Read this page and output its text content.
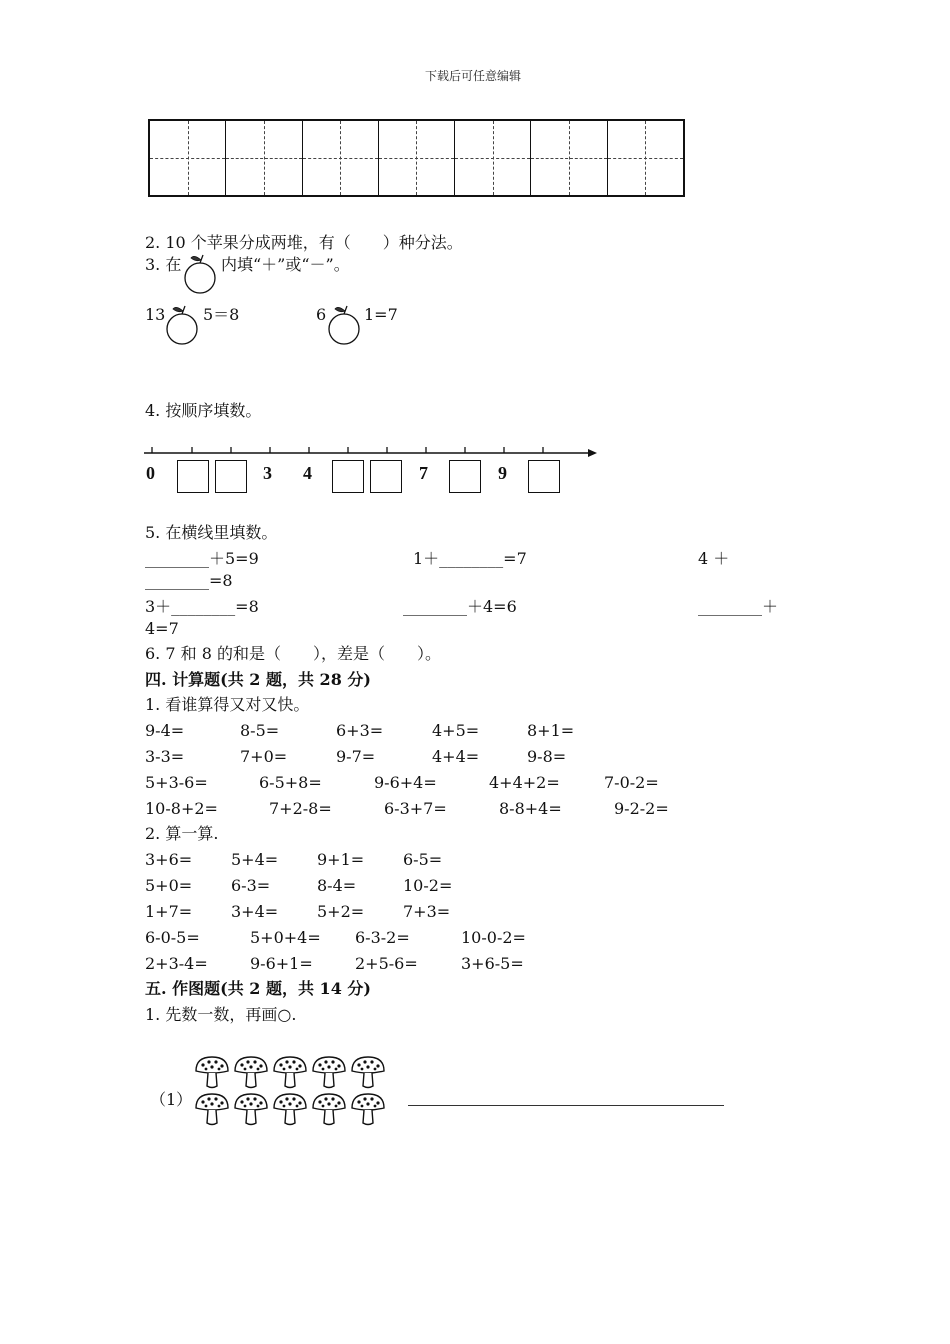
下载后可任意编辑
2. 10 个苹果分成两堆，有（　　）种分法。
3. 在 内填“＋”或“－”。
13 5＝8	6 1=7
4. 按顺序填数。
0	3 4	7	9
5. 在横线里填数。
________＋5=9	1＋________=7	4 ＋
________=8
3＋________=8	________＋4=6	________＋
4=7
6. 7 和 8 的和是（　　），差是（　　）。
四. 计算题(共 2 题，共 28 分)
1. 看谁算得又对又快。
9-4=	8-5=	6+3=	4+5=	8+1=
3-3=	7+0=	9-7=	4+4=	9-8=
5+3-6=	6-5+8=	9-6+4=	4+4+2=	7-0-2=
10-8+2=	7+2-8=	6-3+7=	8-8+4=	9-2-2=
2. 算一算.
3+6= 5+4= 9+1= 6-5=
5+0= 6-3=	8-4=	10-2=
1+7= 3+4= 5+2= 7+3=
6-0-5=	5+0+4= 6-3-2=	10-0-2=
2+3-4=	9-6+1=	2+5-6=	3+6-5=
五. 作图题(共 2 题，共 14 分)
1. 先数一数，再画○.
（1）
